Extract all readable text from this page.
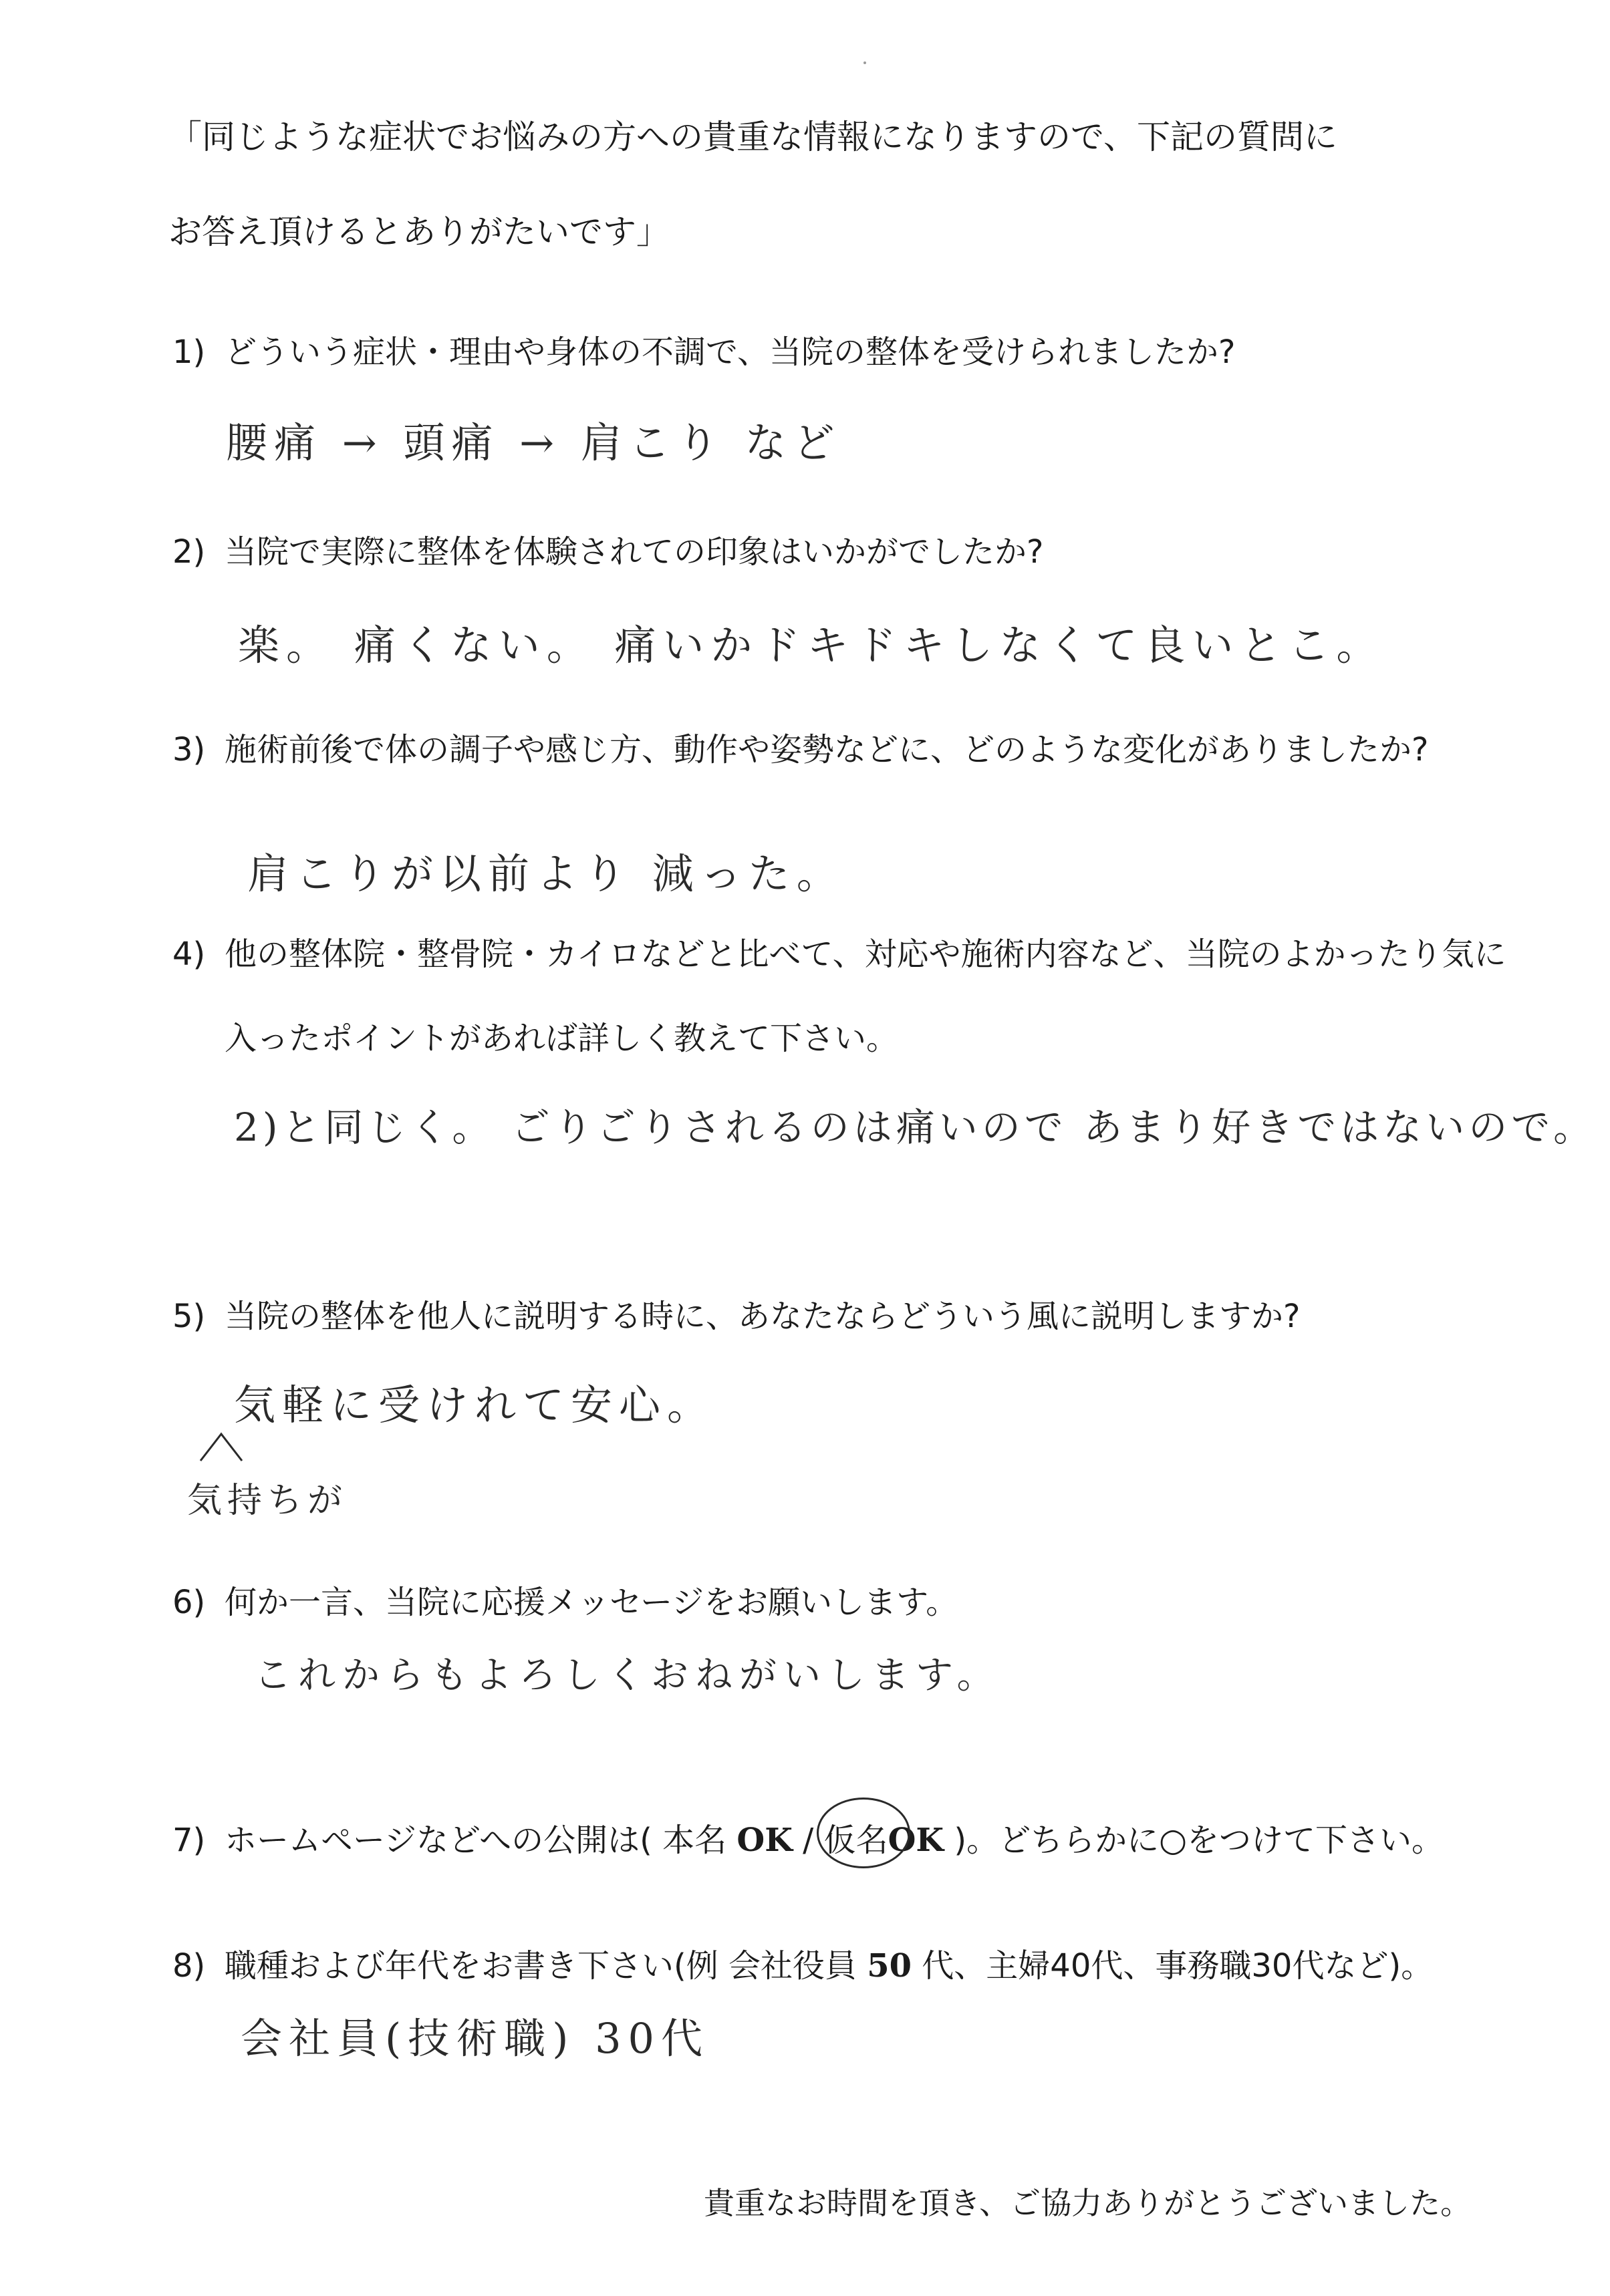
「同じような症状でお悩みの方への貴重な情報になりますので、下記の質問に
お答え頂けるとありがたいです」
1) どういう症状・理由や身体の不調で、当院の整体を受けられましたか?
腰痛 → 頭痛 → 肩こり など
2) 当院で実際に整体を体験されての印象はいかがでしたか?
楽。 痛くない。 痛いかドキドキしなくて良いとこ。
3) 施術前後で体の調子や感じ方、動作や姿勢などに、どのような変化がありましたか?
肩こりが以前より 減った。
4) 他の整体院・整骨院・カイロなどと比べて、対応や施術内容など、当院のよかったり気に
入ったポイントがあれば詳しく教えて下さい。
2)と同じく。 ごりごりされるのは痛いので あまり好きではないので。
5) 当院の整体を他人に説明する時に、あなたならどういう風に説明しますか?
気軽に受けれて安心。
気持ちが
6) 何か一言、当院に応援メッセージをお願いします。
これからもよろしくおねがいします。
7) ホームページなどへの公開は( 本名 OK / 仮名OK )。どちらかに○をつけて下さい。
8) 職種および年代をお書き下さい(例 会社役員 50 代、主婦40代、事務職30代など)。
会社員(技術職) 30代
貴重なお時間を頂き、ご協力ありがとうございました。
